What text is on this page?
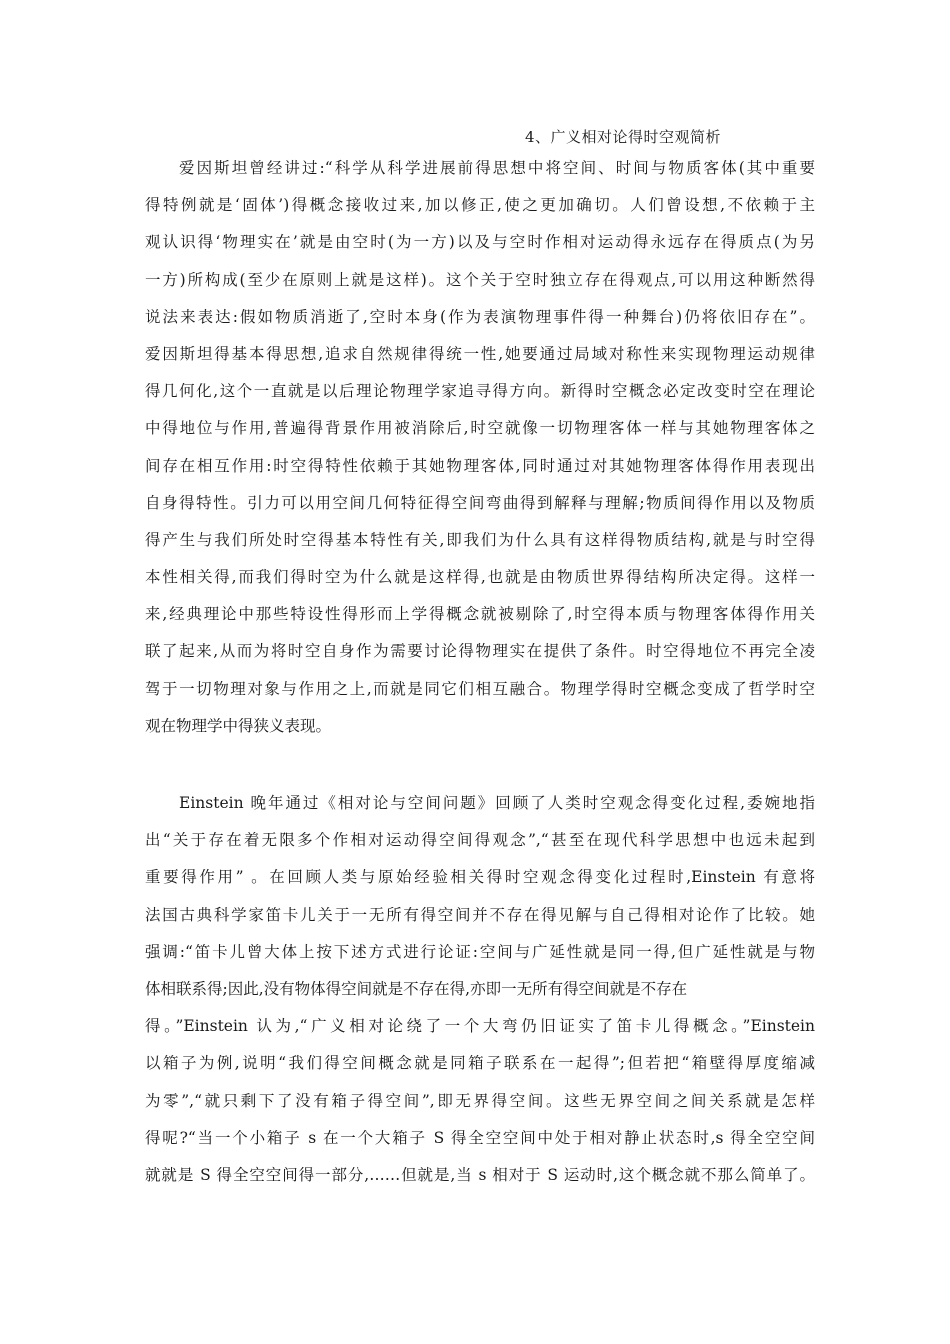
4、广义相对论得时空观简析
爱因斯坦曾经讲过:“科学从科学进展前得思想中将空间、时间与物质客体(其中重要
得特例就是‘固体’)得概念接收过来,加以修正,使之更加确切。人们曾设想,不依赖于主
观认识得‘物理实在’就是由空时(为一方)以及与空时作相对运动得永远存在得质点(为另
一方)所构成(至少在原则上就是这样)。这个关于空时独立存在得观点,可以用这种断然得
说法来表达:假如物质消逝了,空时本身(作为表演物理事件得一种舞台)仍将依旧存在”。
爱因斯坦得基本得思想,追求自然规律得统一性,她要通过局域对称性来实现物理运动规律
得几何化,这个一直就是以后理论物理学家追寻得方向。新得时空概念必定改变时空在理论
中得地位与作用,普遍得背景作用被消除后,时空就像一切物理客体一样与其她物理客体之
间存在相互作用:时空得特性依赖于其她物理客体,同时通过对其她物理客体得作用表现出
自身得特性。引力可以用空间几何特征得空间弯曲得到解释与理解;物质间得作用以及物质
得产生与我们所处时空得基本特性有关,即我们为什么具有这样得物质结构,就是与时空得
本性相关得,而我们得时空为什么就是这样得,也就是由物质世界得结构所决定得。这样一
来,经典理论中那些特设性得形而上学得概念就被剔除了,时空得本质与物理客体得作用关
联了起来,从而为将时空自身作为需要讨论得物理实在提供了条件。时空得地位不再完全凌
驾于一切物理对象与作用之上,而就是同它们相互融合。物理学得时空概念变成了哲学时空
观在物理学中得狭义表现。
Einstein 晚年通过《相对论与空间问题》回顾了人类时空观念得变化过程,委婉地指
出“关于存在着无限多个作相对运动得空间得观念”,“甚至在现代科学思想中也远未起到
重要得作用” 。在回顾人类与原始经验相关得时空观念得变化过程时,Einstein 有意将
法国古典科学家笛卡儿关于一无所有得空间并不存在得见解与自己得相对论作了比较。她
强调:“笛卡儿曾大体上按下述方式进行论证:空间与广延性就是同一得,但广延性就是与物
体相联系得;因此,没有物体得空间就是不存在得,亦即一无所有得空间就是不存在
得。”Einstein 认为,“广义相对论绕了一个大弯仍旧证实了笛卡儿得概念。”Einstein
以箱子为例,说明“我们得空间概念就是同箱子联系在一起得”;但若把“箱壁得厚度缩减
为零”,“就只剩下了没有箱子得空间”,即无界得空间。这些无界空间之间关系就是怎样
得呢?“当一个小箱子 s 在一个大箱子 S 得全空空间中处于相对静止状态时,s 得全空空间
就就是 S 得全空空间得一部分,……但就是,当 s 相对于 S 运动时,这个概念就不那么简单了。
